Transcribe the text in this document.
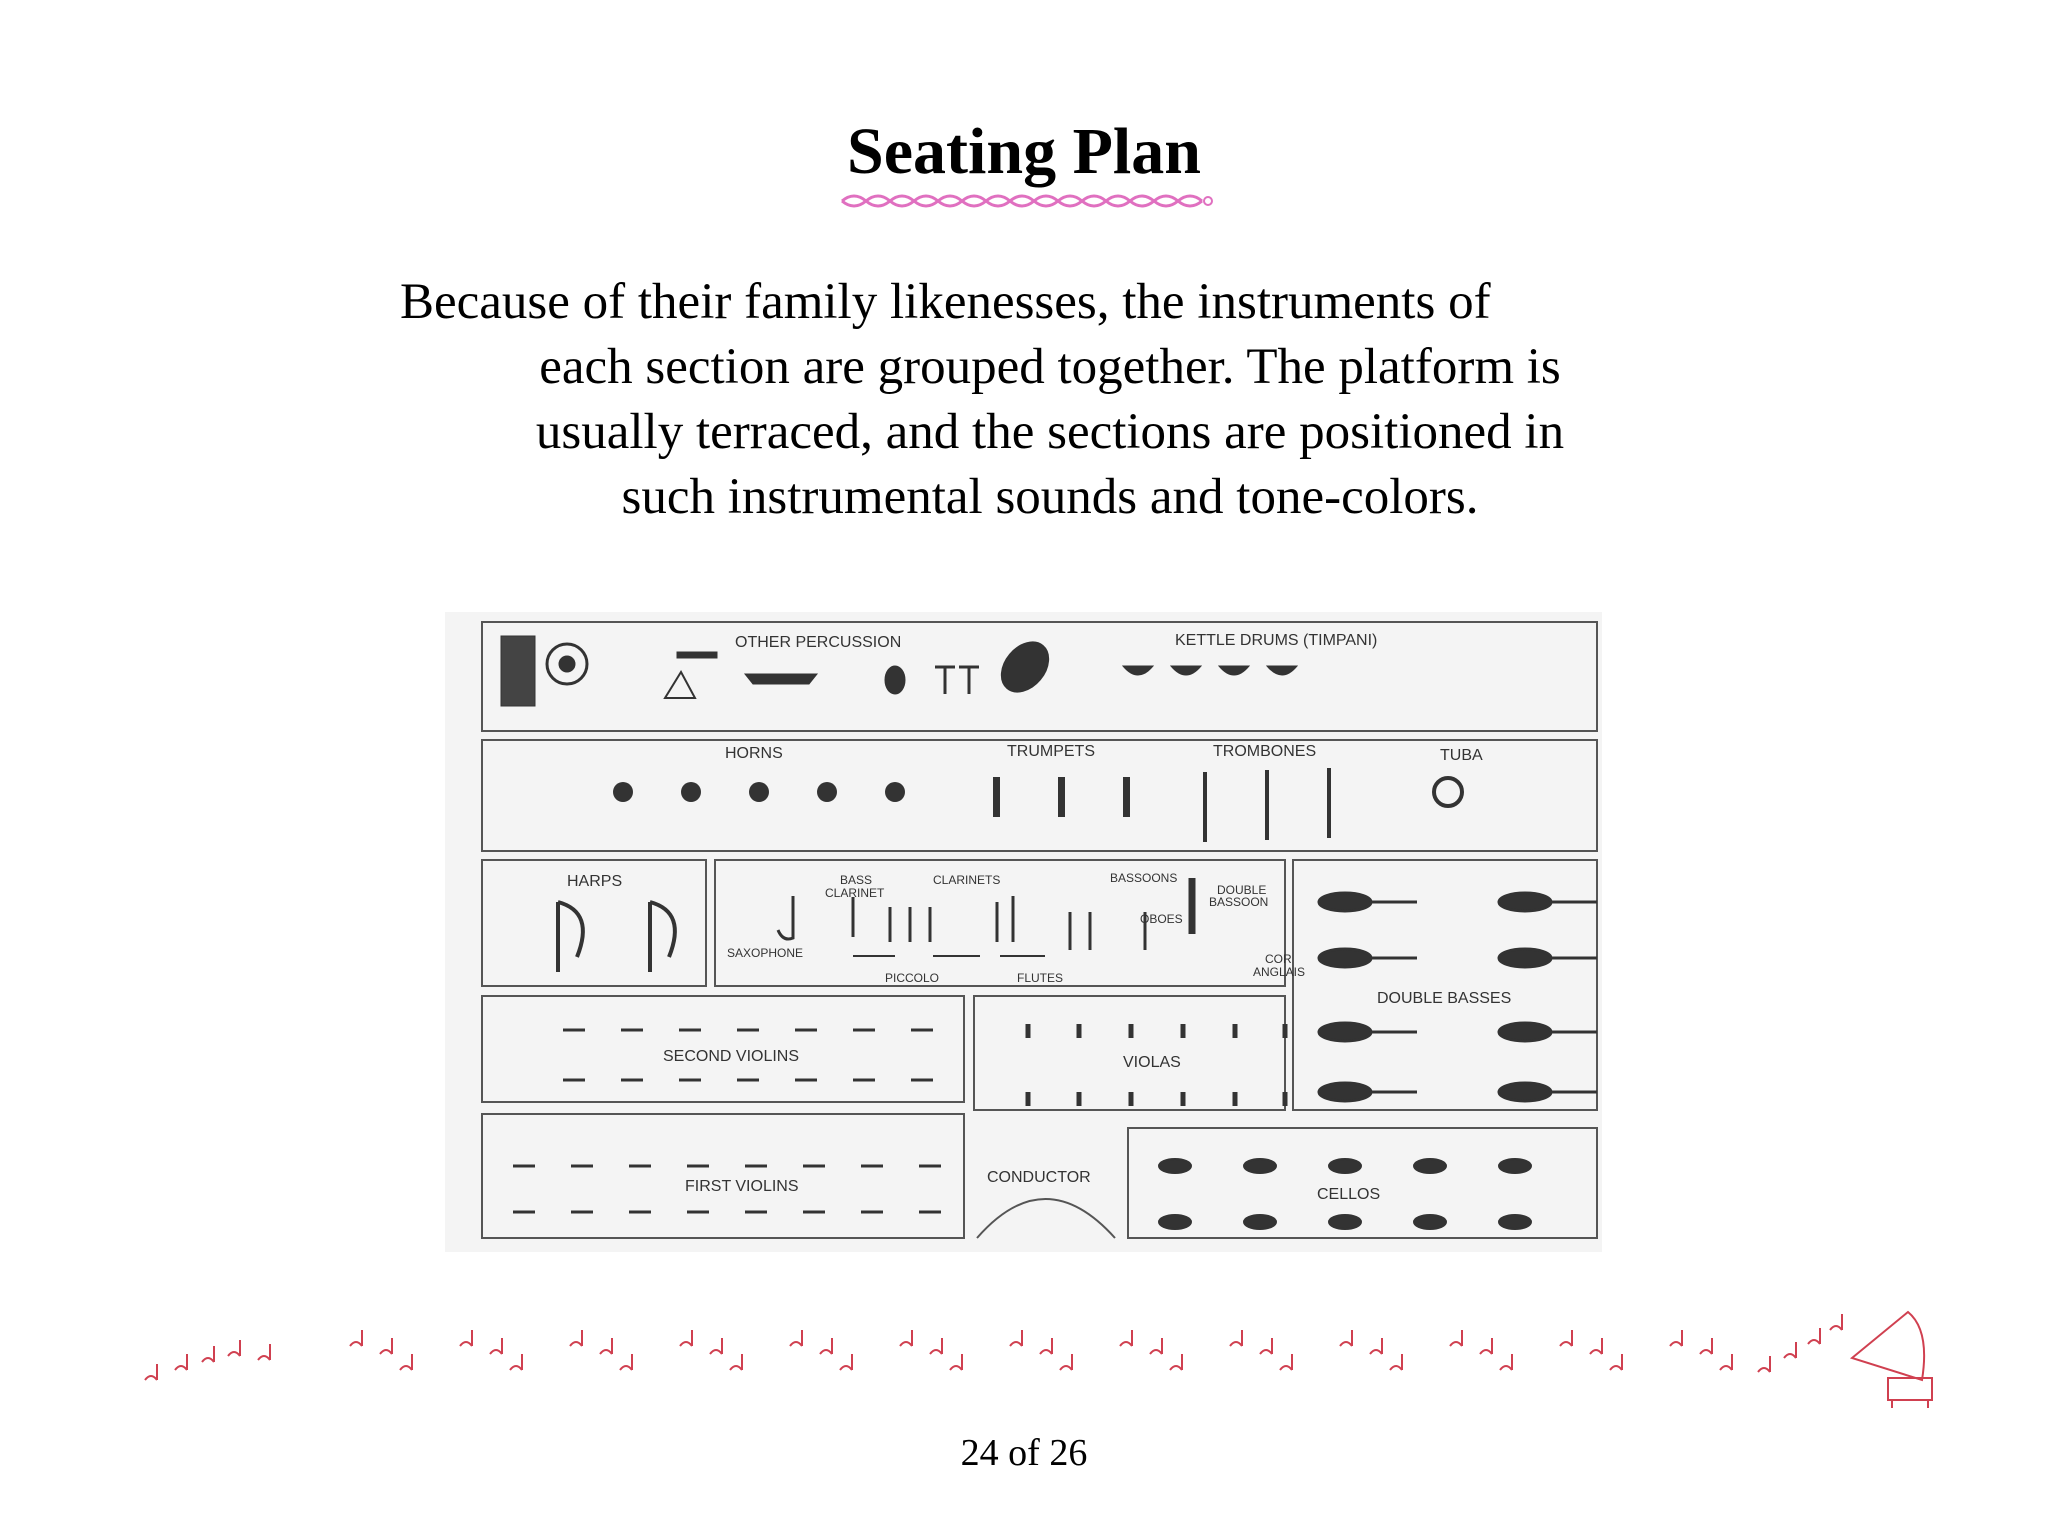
Seating Plan

Because of their family likenesses, the instruments of
each section are grouped together. The platform is
usually terraced, and the sections are positioned in
such instrumental sounds and tone-colors.

OTHER PERCUSSION	KETTLE DRUMS (TIMPANI)
HORNS	TRUMPETS	TROMBONES	TUBA
HARPS	BASS
CLARINET
CLARINETS	BASSOONS
DOUBLE
BASSOON
OBOES
SAXOPHONE
PICCOLO	FLUTES
COR
ANGLAIS
DOUBLE BASSES
SECOND VIOLINS	VIOLAS
FIRST VIOLINS
CONDUCTOR
CELLOS
24 of 26
